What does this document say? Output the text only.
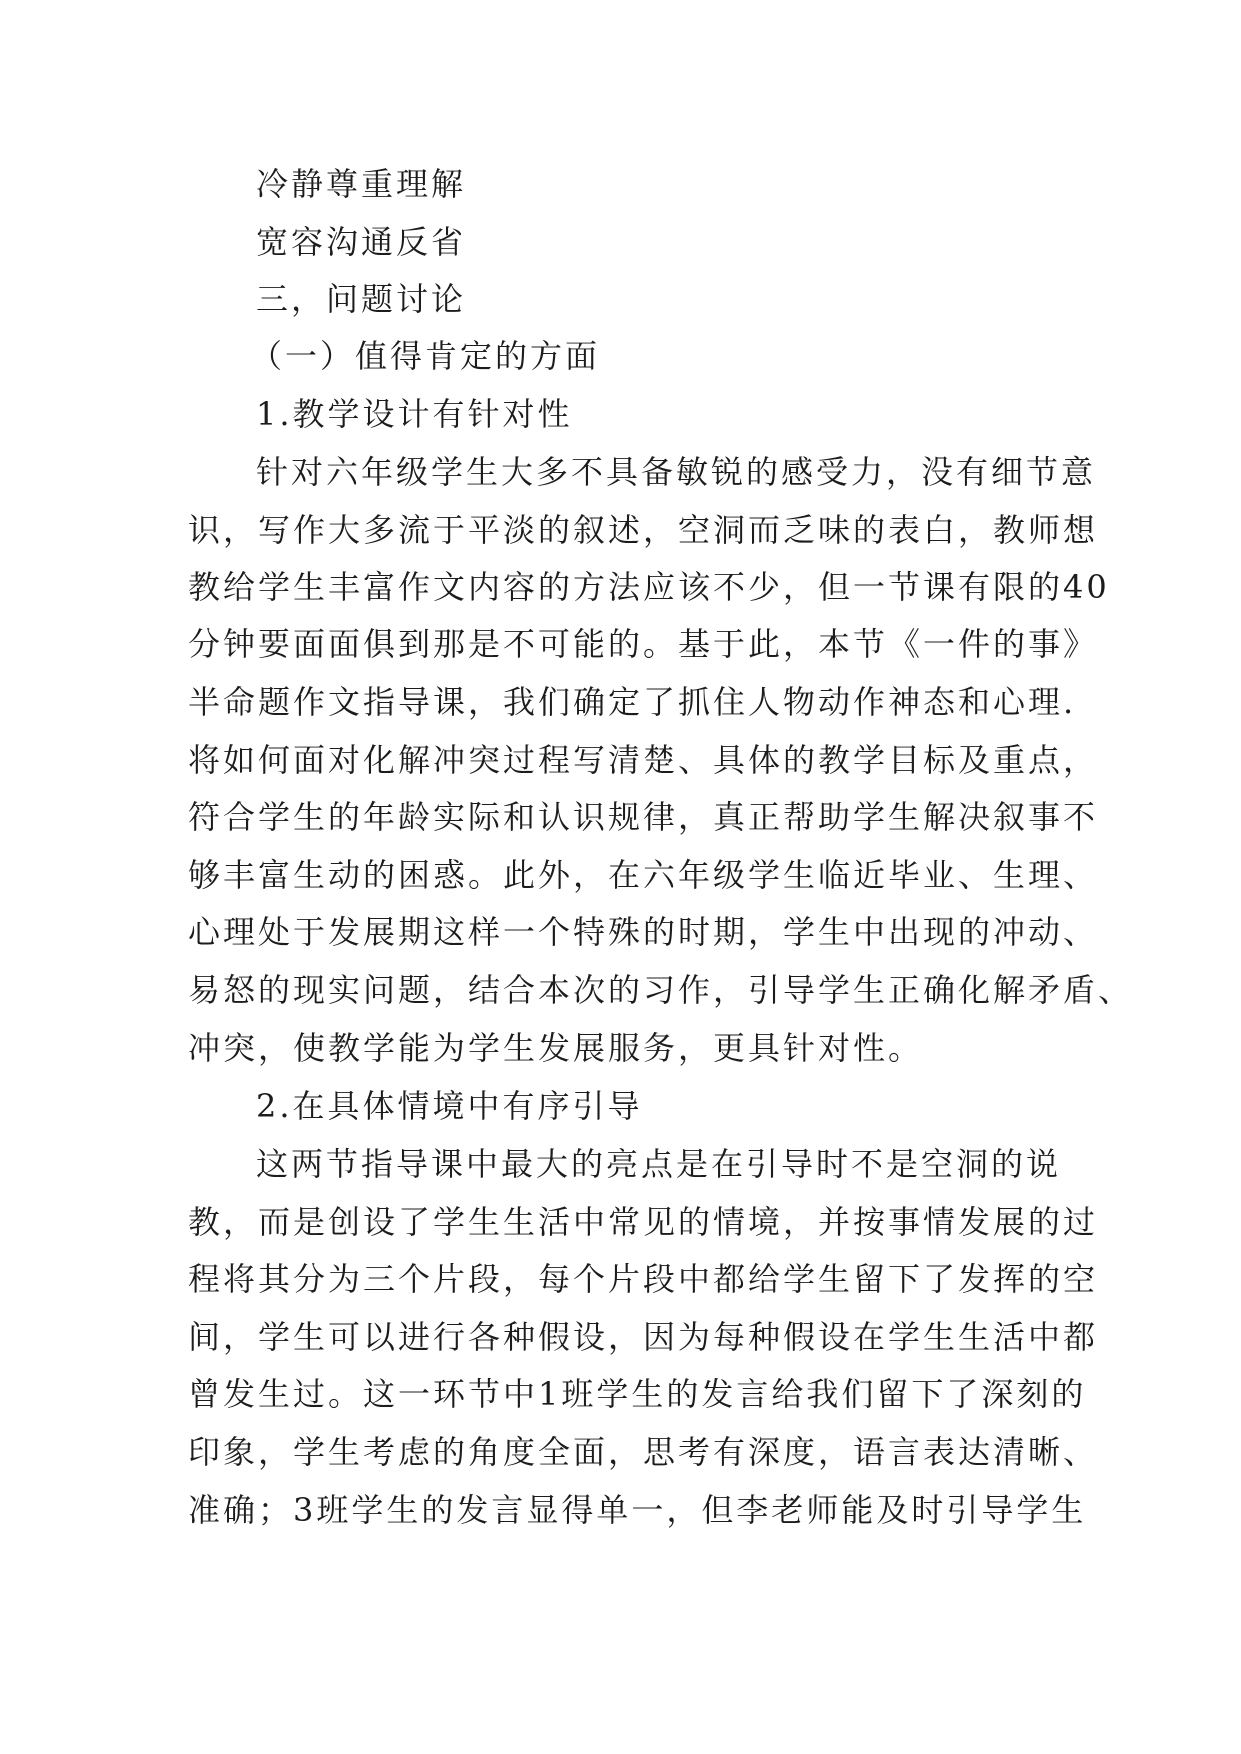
冷静尊重理解
宽容沟通反省
三，问题讨论
（一）值得肯定的方面
1.教学设计有针对性
针对六年级学生大多不具备敏锐的感受力，没有细节意
识，写作大多流于平淡的叙述，空洞而乏味的表白，教师想
教给学生丰富作文内容的方法应该不少，但一节课有限的40
分钟要面面俱到那是不可能的。基于此，本节《一件的事》
半命题作文指导课，我们确定了抓住人物动作神态和心理.
将如何面对化解冲突过程写清楚、具体的教学目标及重点，
符合学生的年龄实际和认识规律，真正帮助学生解决叙事不
够丰富生动的困惑。此外，在六年级学生临近毕业、生理、
心理处于发展期这样一个特殊的时期，学生中出现的冲动、
易怒的现实问题，结合本次的习作，引导学生正确化解矛盾、
冲突，使教学能为学生发展服务，更具针对性。
2.在具体情境中有序引导
这两节指导课中最大的亮点是在引导时不是空洞的说
教，而是创设了学生生活中常见的情境，并按事情发展的过
程将其分为三个片段，每个片段中都给学生留下了发挥的空
间，学生可以进行各种假设，因为每种假设在学生生活中都
曾发生过。这一环节中1班学生的发言给我们留下了深刻的
印象，学生考虑的角度全面，思考有深度，语言表达清晰、
准确；3班学生的发言显得单一，但李老师能及时引导学生
